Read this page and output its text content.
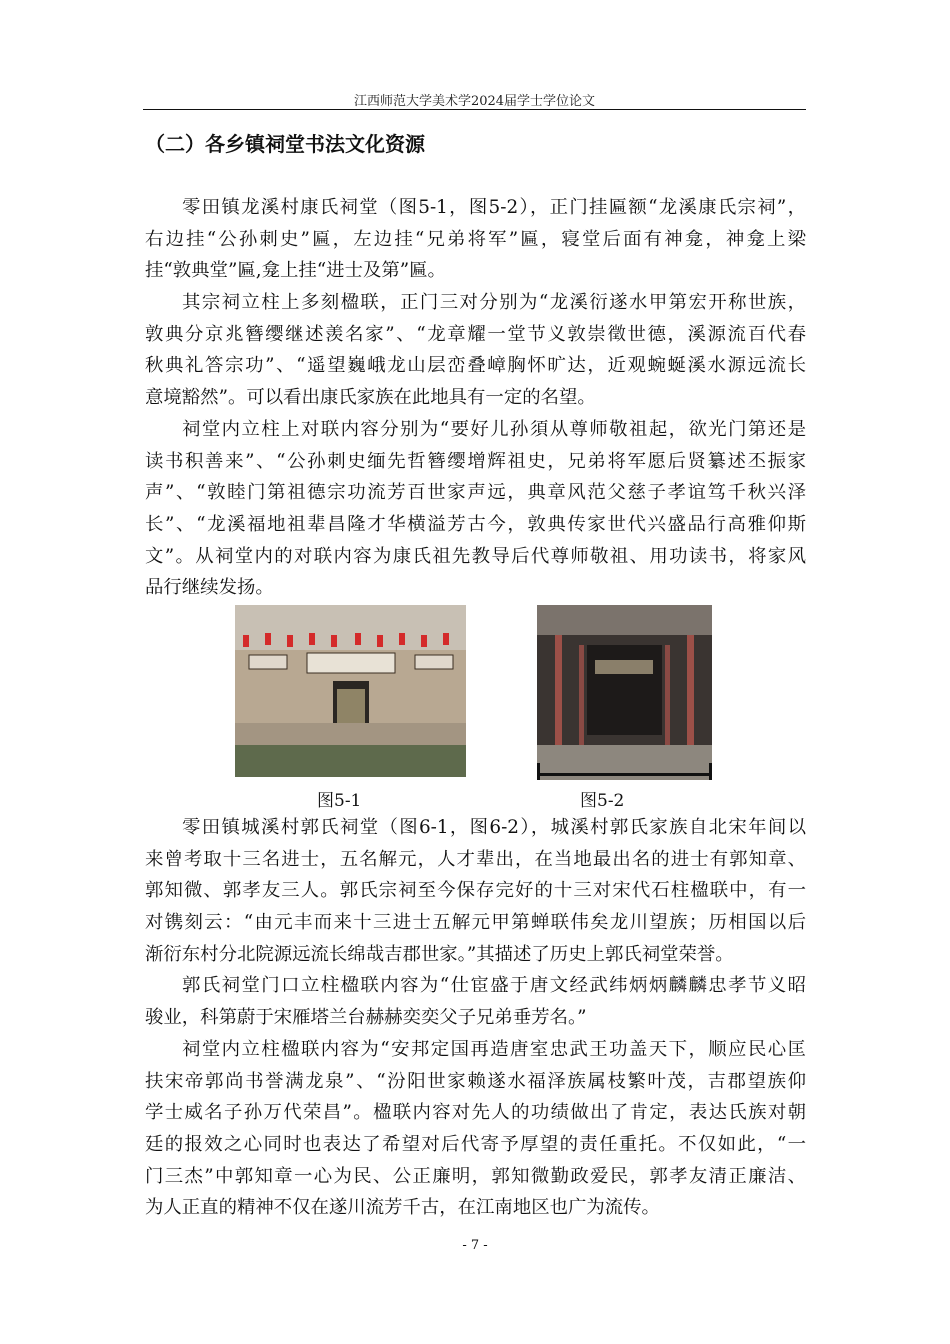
江西师范大学美术学2024届学士学位论文
（二）各乡镇祠堂书法文化资源
零田镇龙溪村康氏祠堂（图5-1，图5-2），正门挂匾额“龙溪康氏宗祠”，
右边挂“公孙刺史”匾，左边挂“兄弟将军”匾，寝堂后面有神龛，神龛上梁
挂“敦典堂”匾,龛上挂“进士及第”匾。
其宗祠立柱上多刻楹联，正门三对分别为“龙溪衍遂水甲第宏开称世族，
敦典分京兆簪缨继述羡名家”、“龙章耀一堂节义敦崇徵世德，溪源流百代春
秋典礼答宗功”、“遥望巍峨龙山层峦叠嶂胸怀旷达，近观蜿蜒溪水源远流长
意境豁然”。可以看出康氏家族在此地具有一定的名望。
祠堂内立柱上对联内容分别为“要好儿孙須从尊师敬祖起，欲光门第还是
读书积善来”、“公孙刺史缅先哲簪缨增辉祖史，兄弟将军愿后贤纂述丕振家
声”、“敦睦门第祖德宗功流芳百世家声远，典章风范父慈子孝谊笃千秋兴泽
长”、“龙溪福地祖辈昌隆才华横溢芳古今，敦典传家世代兴盛品行高雅仰斯
文”。从祠堂内的对联内容为康氏祖先教导后代尊师敬祖、用功读书，将家风
品行继续发扬。
图5-1	图5-2
零田镇城溪村郭氏祠堂（图6-1，图6-2），城溪村郭氏家族自北宋年间以
来曾考取十三名进士，五名解元，人才辈出，在当地最出名的进士有郭知章、
郭知微、郭孝友三人。郭氏宗祠至今保存完好的十三对宋代石柱楹联中，有一
对镌刻云：“由元丰而来十三进士五解元甲第蝉联伟矣龙川望族；历相国以后
渐衍东村分北院源远流长绵哉吉郡世家。”其描述了历史上郭氏祠堂荣誉。
郭氏祠堂门口立柱楹联内容为“仕宦盛于唐文经武纬炳炳麟麟忠孝节义昭
骏业，科第蔚于宋雁塔兰台赫赫奕奕父子兄弟垂芳名。”
祠堂内立柱楹联内容为“安邦定国再造唐室忠武王功盖天下，顺应民心匡
扶宋帝郭尚书誉满龙泉”、“汾阳世家赖遂水福泽族属枝繁叶茂，吉郡望族仰
学士威名子孙万代荣昌”。楹联内容对先人的功绩做出了肯定，表达氏族对朝
廷的报效之心同时也表达了希望对后代寄予厚望的责任重托。不仅如此，“一
门三杰”中郭知章一心为民、公正廉明，郭知微勤政爱民，郭孝友清正廉洁、
为人正直的精神不仅在遂川流芳千古，在江南地区也广为流传。
- 7 -
